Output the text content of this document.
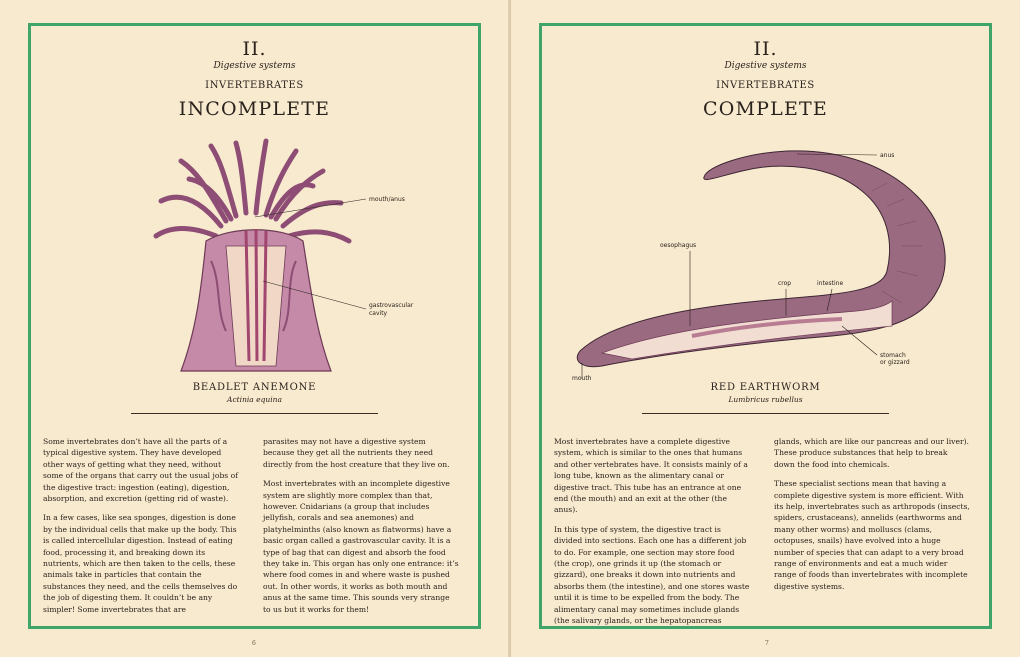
II.
Digestive systems
INVERTEBRATES
INCOMPLETE
mouth/anus
gastrovascular
cavity
BEADLET ANEMONE
Actinia equina

Some invertebrates don’t have all the parts of a typical digestive system. They have developed other ways of getting what they need, without some of the organs that carry out the usual jobs of the digestive tract: ingestion (eating), digestion, absorption, and excretion (getting rid of waste).

In a few cases, like sea sponges, digestion is done by the individual cells that make up the body. This is called intercellular digestion. Instead of eating food, processing it, and breaking down its nutrients, which are then taken to the cells, these animals take in particles that contain the substances they need, and the cells themselves do the job of digesting them. It couldn’t be any simpler! Some invertebrates that are

parasites may not have a digestive system because they get all the nutrients they need directly from the host creature that they live on.

Most invertebrates with an incomplete digestive system are slightly more complex than that, however. Cnidarians (a group that includes jellyfish, corals and sea anemones) and platyhelminths (also known as flatworms) have a basic organ called a gastrovascular cavity. It is a type of bag that can digest and absorb the food they take in. This organ has only one entrance: it’s where food comes in and where waste is pushed out. In other words, it works as both mouth and anus at the same time. This sounds very strange to us but it works for them!

6
II.
Digestive systems
INVERTEBRATES
COMPLETE
anus
oesophagus
crop	intestine
stomach
or gizzard
mouth
RED EARTHWORM
Lumbricus rubellus

Most invertebrates have a complete digestive system, which is similar to the ones that humans and other vertebrates have. It consists mainly of a long tube, known as the alimentary canal or digestive tract. This tube has an entrance at one end (the mouth) and an exit at the other (the anus).

In this type of system, the digestive tract is divided into sections. Each one has a different job to do. For example, one section may store food (the crop), one grinds it up (the stomach or gizzard), one breaks it down into nutrients and absorbs them (the intestine), and one stores waste until it is time to be expelled from the body. The alimentary canal may sometimes include glands (the salivary glands, or the hepatopancreas

glands, which are like our pancreas and our liver). These produce substances that help to break down the food into chemicals.

These specialist sections mean that having a complete digestive system is more efficient. With its help, invertebrates such as arthropods (insects, spiders, crustaceans), annelids (earthworms and many other worms) and molluscs (clams, octopuses, snails) have evolved into a huge number of species that can adapt to a very broad range of environments and eat a much wider range of foods than invertebrates with incomplete digestive systems.

7
